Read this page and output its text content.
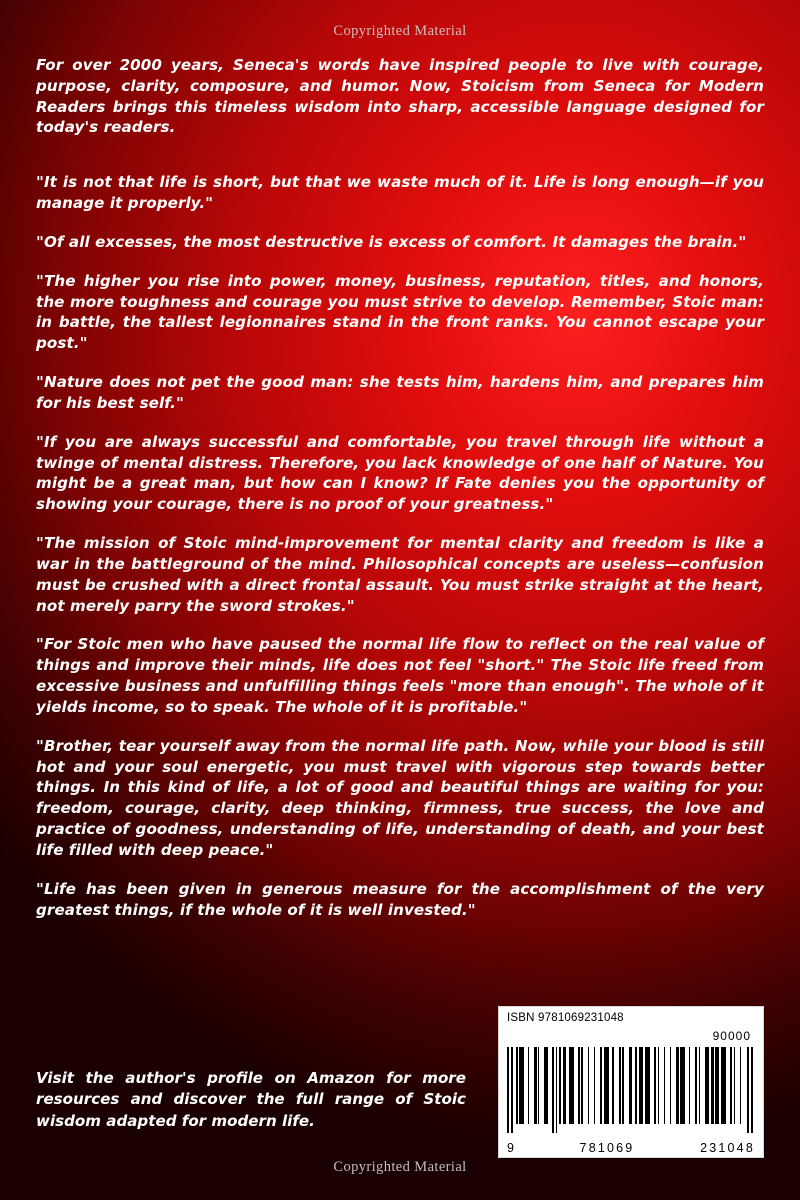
Copyrighted Material

For over 2000 years, Seneca's words have inspired people to live with courage, purpose, clarity, composure, and humor. Now, Stoicism from Seneca for Modern Readers brings this timeless wisdom into sharp, accessible language designed for today's readers.

"It is not that life is short, but that we waste much of it. Life is long enough—if you manage it properly."

"Of all excesses, the most destructive is excess of comfort. It damages the brain."

"The higher you rise into power, money, business, reputation, titles, and honors, the more toughness and courage you must strive to develop. Remember, Stoic man: in battle, the tallest legionnaires stand in the front ranks. You cannot escape your post."

"Nature does not pet the good man: she tests him, hardens him, and prepares him for his best self."

"If you are always successful and comfortable, you travel through life without a twinge of mental distress. Therefore, you lack knowledge of one half of Nature. You might be a great man, but how can I know? If Fate denies you the opportunity of showing your courage, there is no proof of your greatness."

"The mission of Stoic mind-improvement for mental clarity and freedom is like a war in the battleground of the mind. Philosophical concepts are useless—confusion must be crushed with a direct frontal assault. You must strike straight at the heart, not merely parry the sword strokes."

"For Stoic men who have paused the normal life flow to reflect on the real value of things and improve their minds, life does not feel "short." The Stoic life freed from excessive business and unfulfilling things feels "more than enough". The whole of it yields income, so to speak. The whole of it is profitable."

"Brother, tear yourself away from the normal life path. Now, while your blood is still hot and your soul energetic, you must travel with vigorous step towards better things. In this kind of life, a lot of good and beautiful things are waiting for you: freedom, courage, clarity, deep thinking, firmness, true success, the love and practice of goodness, understanding of life, understanding of death, and your best life filled with deep peace."

"Life has been given in generous measure for the accomplishment of the very greatest things, if the whole of it is well invested."

Visit the author's profile on Amazon for more resources and discover the full range of Stoic wisdom adapted for modern life.
ISBN 9781069231048
90000
9	781069	231048
Copyrighted Material
